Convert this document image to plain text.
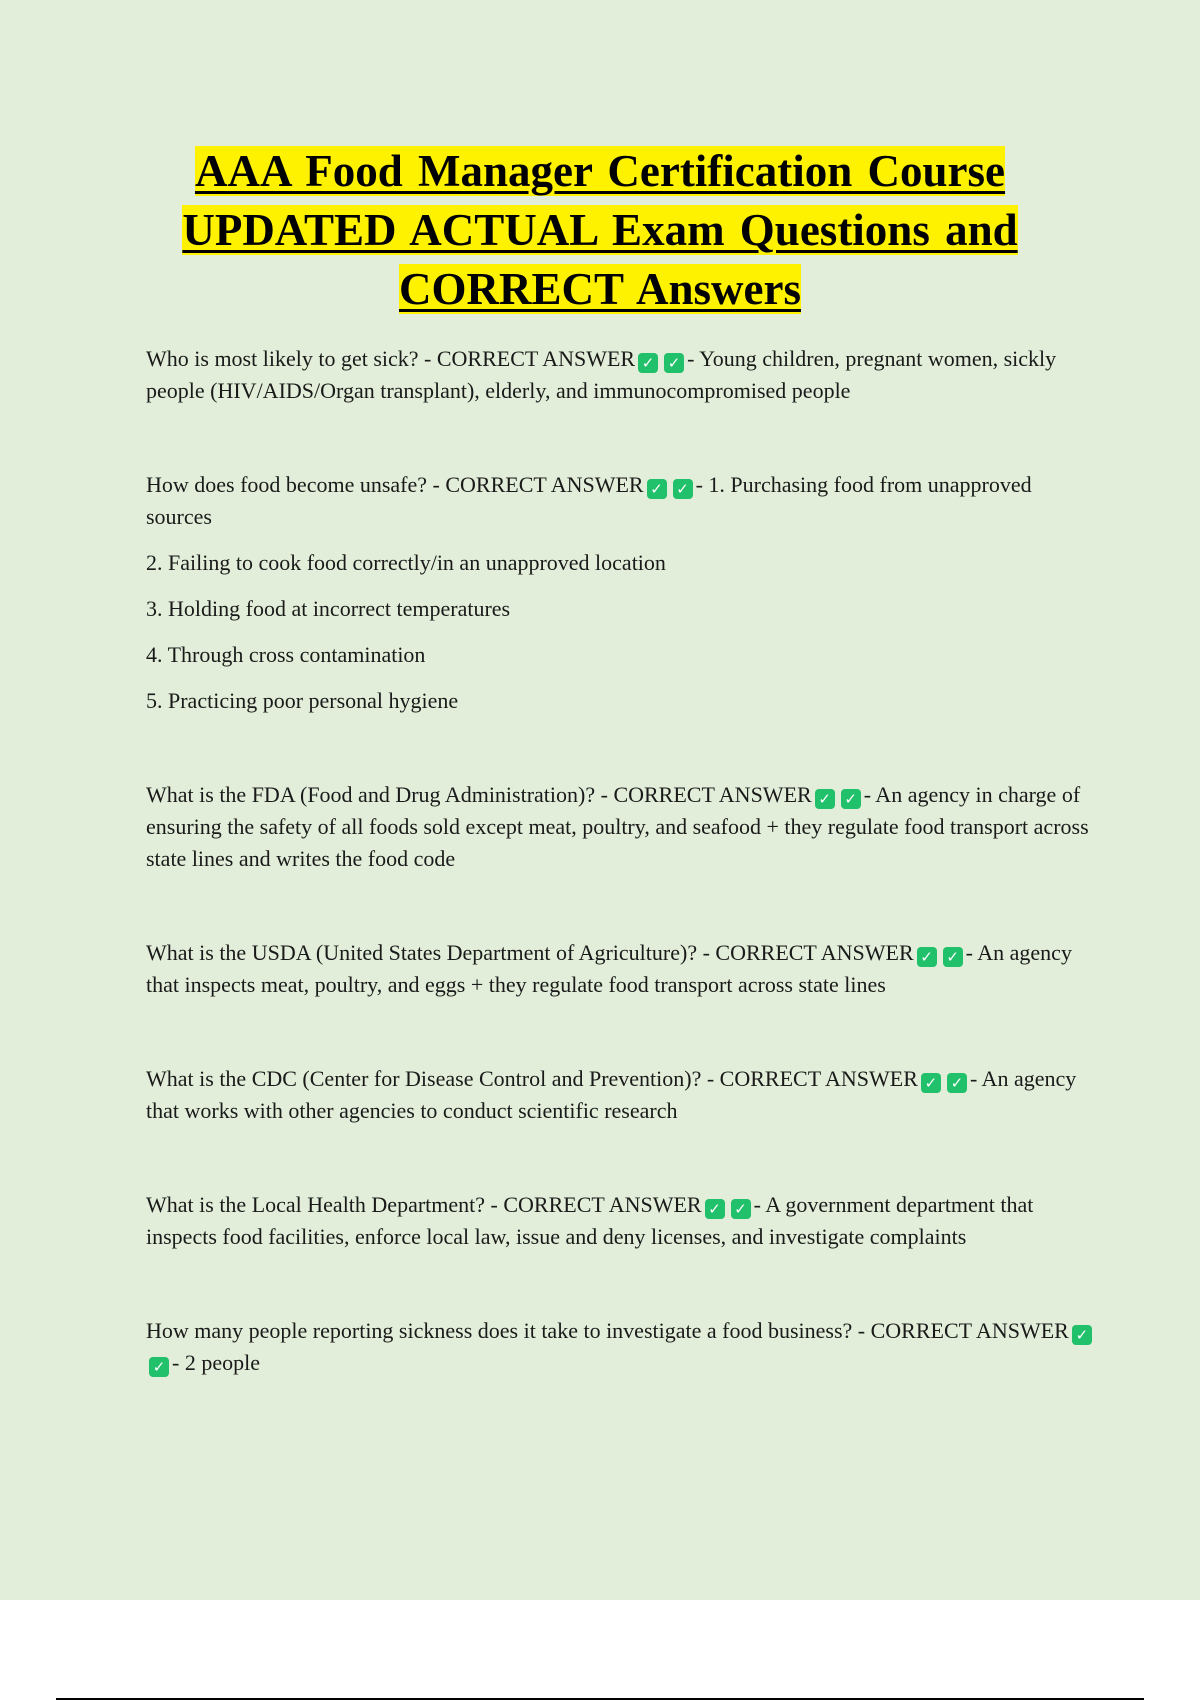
AAA Food Manager Certification Course
UPDATED ACTUAL Exam Questions and
CORRECT Answers

Who is most likely to get sick? - CORRECT ANSWER ✓ ✓ - Young children, pregnant women, sickly people (HIV/AIDS/Organ transplant), elderly, and immunocompromised people

How does food become unsafe? - CORRECT ANSWER ✓ ✓ - 1. Purchasing food from unapproved sources

2. Failing to cook food correctly/in an unapproved location

3. Holding food at incorrect temperatures

4. Through cross contamination

5. Practicing poor personal hygiene

What is the FDA (Food and Drug Administration)? - CORRECT ANSWER ✓ ✓ - An agency in charge of ensuring the safety of all foods sold except meat, poultry, and seafood + they regulate food transport across state lines and writes the food code

What is the USDA (United States Department of Agriculture)? - CORRECT ANSWER ✓ ✓ - An agency that inspects meat, poultry, and eggs + they regulate food transport across state lines

What is the CDC (Center for Disease Control and Prevention)? - CORRECT ANSWER ✓ ✓ - An agency that works with other agencies to conduct scientific research

What is the Local Health Department? - CORRECT ANSWER ✓ ✓ - A government department that inspects food facilities, enforce local law, issue and deny licenses, and investigate complaints

How many people reporting sickness does it take to investigate a food business? - CORRECT ANSWER ✓✓ - 2 people
